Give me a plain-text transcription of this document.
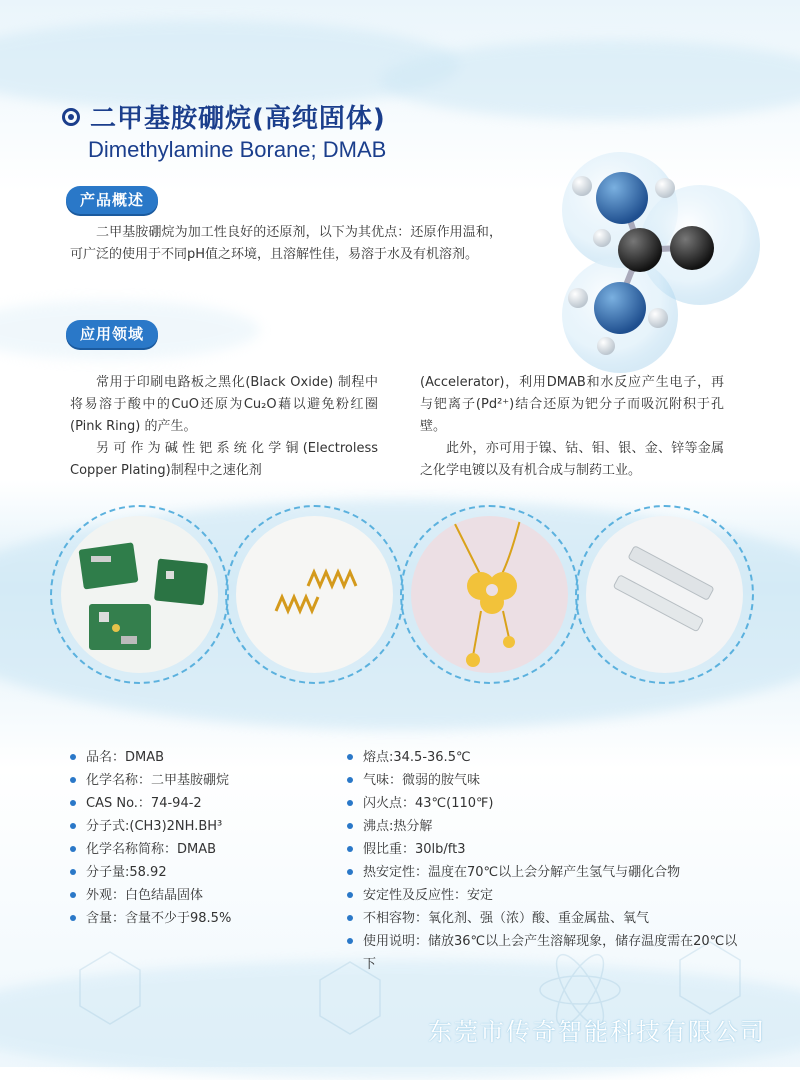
二甲基胺硼烷(高纯固体)
Dimethylamine Borane; DMAB
产品概述

二甲基胺硼烷为加工性良好的还原剂，以下为其优点：还原作用温和，可广泛的使用于不同pH值之环境，且溶解性佳，易溶于水及有机溶剂。

应用领域

常用于印刷电路板之黑化(Black Oxide) 制程中将易溶于酸中的CuO还原为Cu₂O藉以避免粉红圈(Pink Ring) 的产生。

另可作为碱性钯系统化学铜(Electroless Copper Plating)制程中之速化剂

(Accelerator)，利用DMAB和水反应产生电子，再与钯离子(Pd²⁺)结合还原为钯分子而吸沉附积于孔壁。

此外，亦可用于镍、钴、钼、银、金、锌等金属之化学电镀以及有机合成与制药工业。

品名：DMAB
化学名称：二甲基胺硼烷
CAS No.：74-94-2
分子式:(CH3)2NH.BH³
化学名称简称：DMAB
分子量:58.92
外观：白色结晶固体
含量：含量不少于98.5%
熔点:34.5-36.5℃
气味：微弱的胺气味
闪火点：43℃(110℉)
沸点:热分解
假比重：30lb/ft3
热安定性：温度在70℃以上会分解产生氢气与硼化合物
安定性及反应性：安定
不相容物：氧化剂、强（浓）酸、重金属盐、氧气
使用说明：储放36℃以上会产生溶解现象，储存温度需在20℃以下
东莞市传奇智能科技有限公司
